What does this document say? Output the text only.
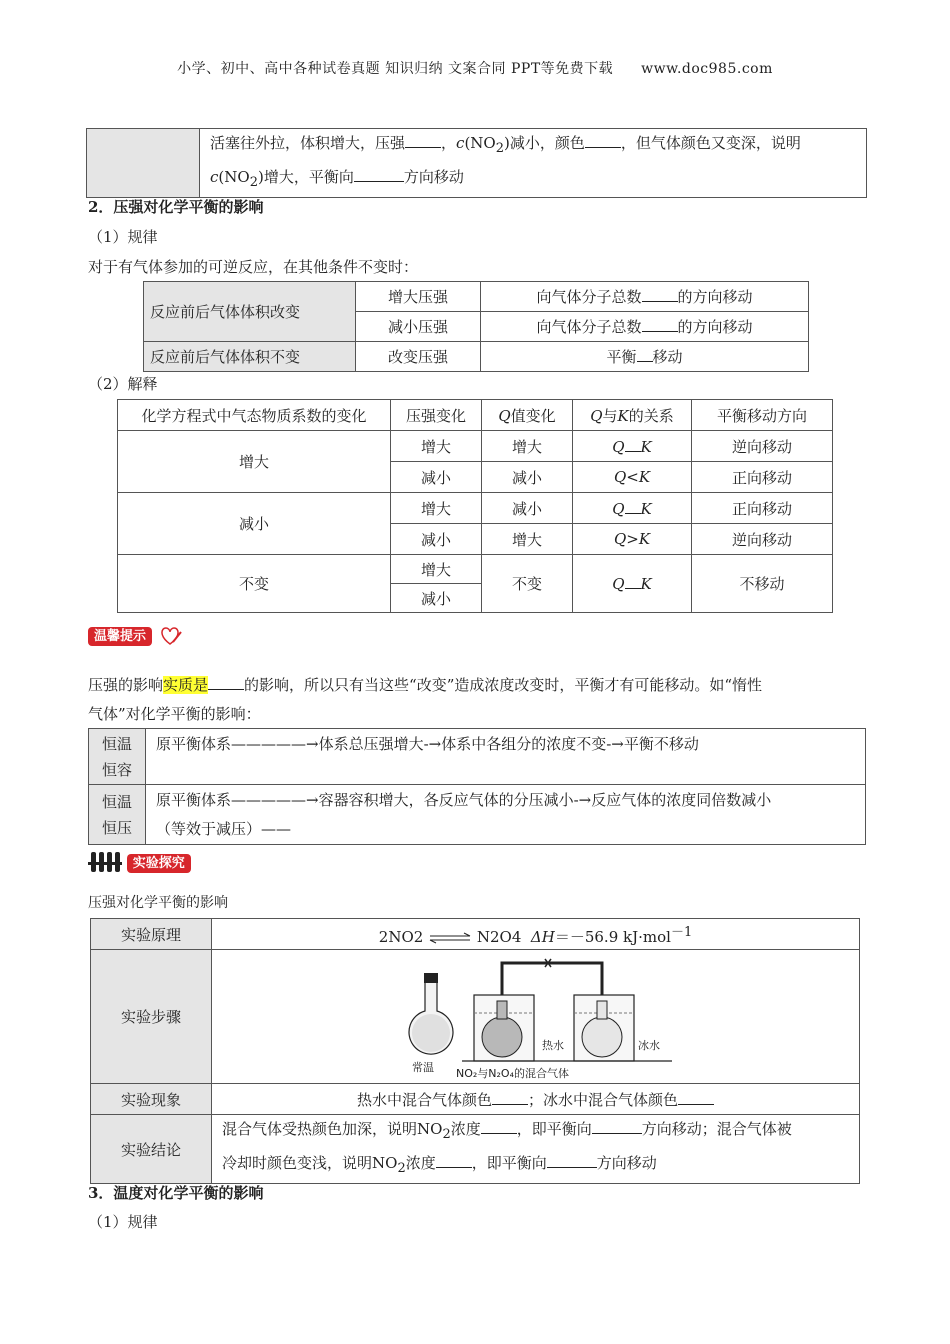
小学、初中、高中各种试卷真题 知识归纳 文案合同 PPT等免费下载 www.doc985.com
	活塞往外拉，体积增大，压强 ，$c(NO_2)$减小，颜色 ，但气体颜色又变深，说明
$c(NO_2)$增大，平衡向	方向移动
2．压强对化学平衡的影响
（1）规律
对于有气体参加的可逆反应，在其他条件不变时：
反应前后气体体积改变	增大压强	向气体分子总数 的方向移动
	减小压强	向气体分子总数 的方向移动
反应前后气体体积不变	改变压强	平衡 移动
（2）解释
化学方程式中气态物质系数的变化	压强变化	Q值变化	Q与K的关系	平衡移动方向
增大	增大	增大	Q K	逆向移动
	减小	减小	Q<K	正向移动
减小	增大	减小	Q K	正向移动
	减小	增大	Q>K	逆向移动
不变	增大	不变	Q K	不移动
	减小			
温馨提示
压强的影响实质是 的影响，所以只有当这些“改变”造成浓度改变时，平衡才有可能移动。如“惰性
气体”对化学平衡的影响：
恒温
恒容	原平衡体系—————→体系总压强增大-→体系中各组分的浓度不变-→平衡不移动
恒温
恒压	原平衡体系—————→容器容积增大，各反应气体的分压减小-→反应气体的浓度同倍数减小
（等效于减压）——
实验探究
压强对化学平衡的影响
实验原理	2NO2 ⇌ N2O4 ΔH＝－56.9 kJ·mol$^{-1}$
实验步骤	常温
热水 冰水
NO₂与N₂O₄的混合气体

实验现象	热水中混合气体颜色 ；冰水中混合气体颜色
实验结论	混合气体受热颜色加深，说明$NO_2$浓度 ，即平衡向 方向移动；混合气体被
冷却时颜色变浅，说明$NO_2$浓度 ，即平衡向 方向移动
3．温度对化学平衡的影响
（1）规律
